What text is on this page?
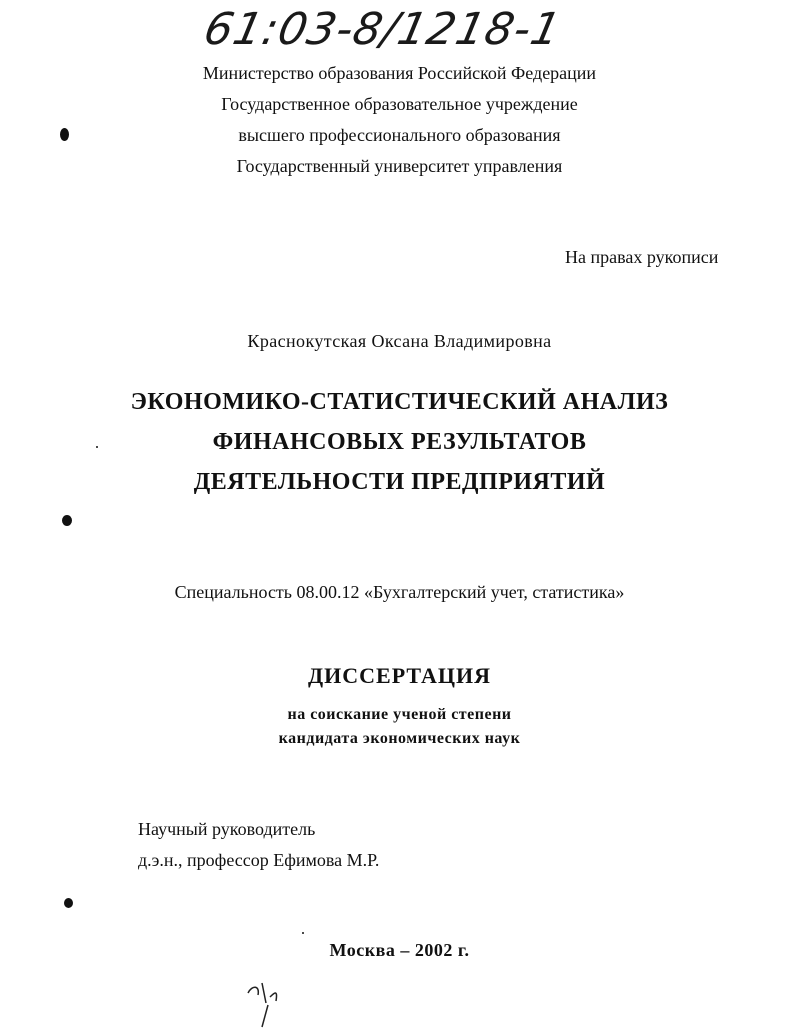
61:03-8/1218-1
Министерство образования Российской Федерации
Государственное образовательное учреждение
высшего профессионального образования
Государственный университет управления
На правах рукописи
Краснокутская Оксана Владимировна
ЭКОНОМИКО-СТАТИСТИЧЕСКИЙ АНАЛИЗ
ФИНАНСОВЫХ РЕЗУЛЬТАТОВ
ДЕЯТЕЛЬНОСТИ ПРЕДПРИЯТИЙ
Специальность 08.00.12 «Бухгалтерский учет, статистика»
ДИССЕРТАЦИЯ
на соискание ученой степени
кандидата экономических наук
Научный руководитель
д.э.н., профессор Ефимова М.Р.
Москва – 2002 г.
